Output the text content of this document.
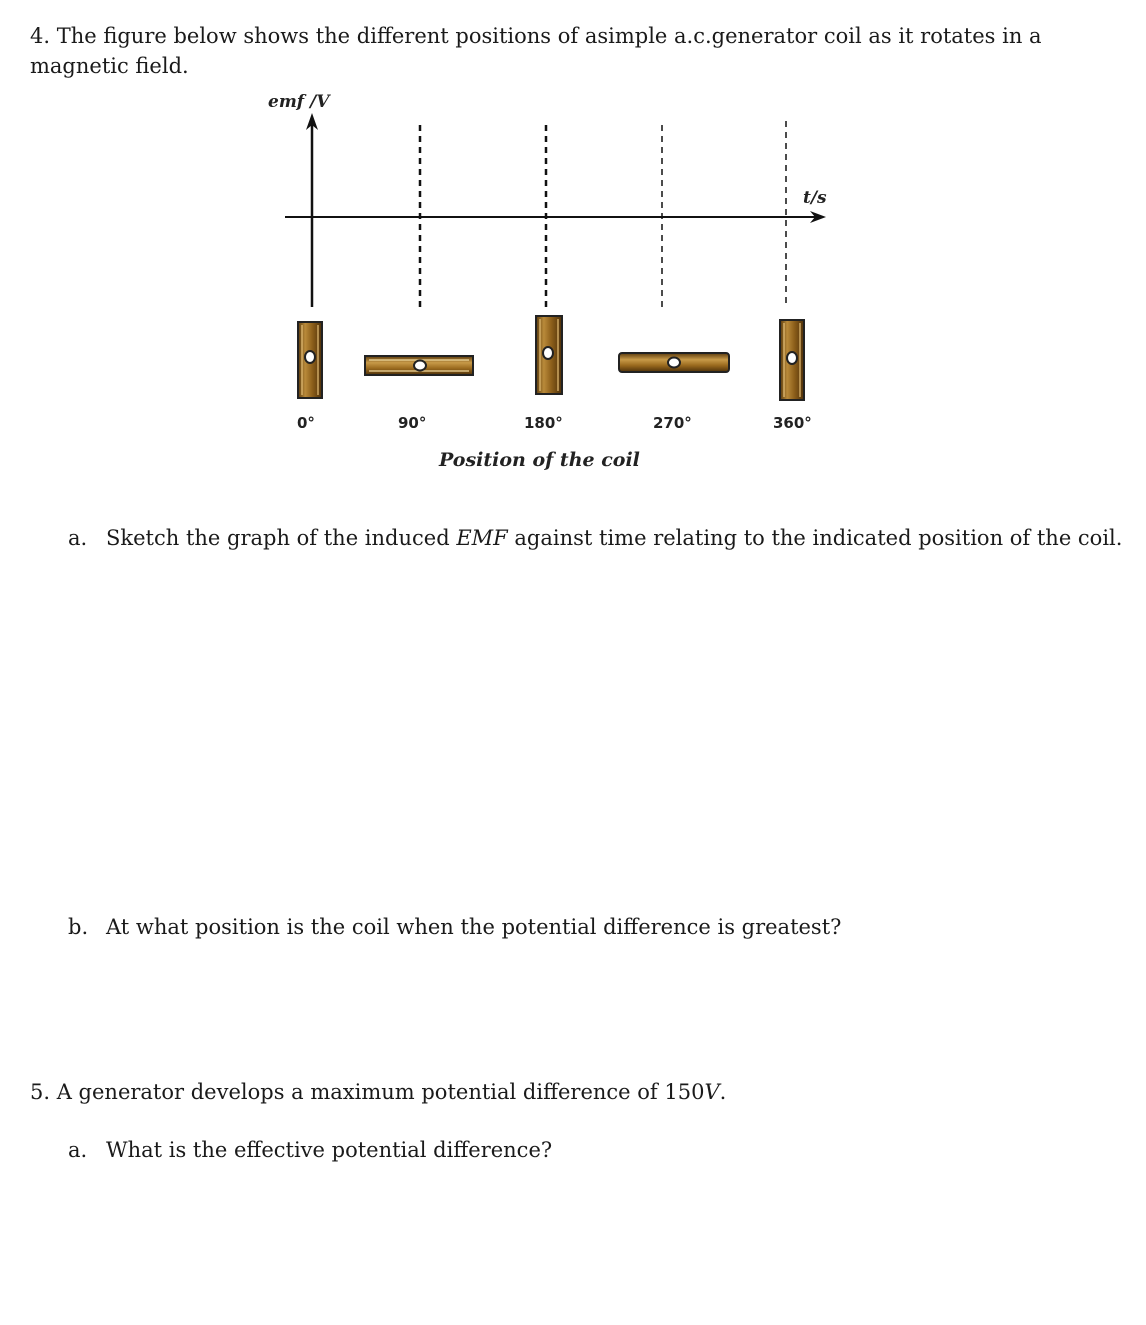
4. The figure below shows the different positions of asimple a.c.generator coil as it rotates in a magnetic field.
emf /V
t/s
0°	90°	180°	270°	360°
Position of the coil
a. Sketch the graph of the induced EMF against time relating to the indicated position of the coil.
b. At what position is the coil when the potential difference is greatest?
5. A generator develops a maximum potential difference of 150V.
a. What is the effective potential difference?
